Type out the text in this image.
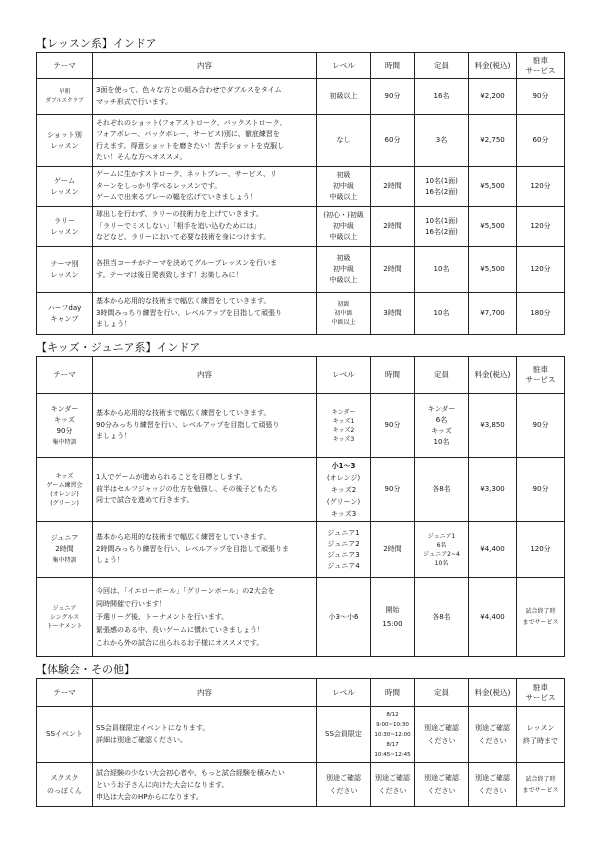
【レッスン系】インドア
テーマ	内容	レベル	時間	定員	料金(税込)	駐車
サービス

早朝
ダブルスクラブ	3面を使って、色々な方との組み合わせでダブルスをタイム
マッチ形式で行います。	初級以上	90分	16名	¥2,200	90分

ショット別
レッスン	それぞれのショット(フォアストローク、バックストローク、
フォアボレー、バックボレー、サービス)別に、徹底練習を
行えます。得意ショットを磨きたい！苦手ショットを克服し
たい！そんな方へオススメ。	なし	60分	3名	¥2,750	60分

ゲーム
レッスン	ゲームに生かすストローク、ネットプレー、サービス、リ
ターンをしっかり学べるレッスンです。
ゲームで出来るプレーの幅を広げていきましょう！	初級
初中級
中級以上	2時間	10名(1面)
16名(2面)	¥5,500	120分

ラリー
レッスン	球出しを行わず、ラリーの技術力を上げていきます。
「ラリーでミスしない」「相手を追い込むためには」
などなど、ラリーにおいて必要な技術を身につけます。	(初心・)初級
初中級
中級以上	2時間	10名(1面)
16名(2面)	¥5,500	120分

テーマ別
レッスン	各担当コーチがテーマを決めてグループレッスンを行いま
す。テーマは後日発表致します！お楽しみに！	初級
初中級
中級以上	2時間	10名	¥5,500	120分

ハーフday
キャンプ	基本から応用的な技術まで幅広く練習をしていきます。
3時間みっちり練習を行い、レベルアップを目指して頑張り
ましょう！	初級
初中級
中級以上	3時間	10名	¥7,700	180分
【キッズ・ジュニア系】インドア
テーマ	内容	レベル	時間	定員	料金(税込)	駐車
サービス

キンダー
キッズ
90分
集中特訓	基本から応用的な技術まで幅広く練習をしていきます。
90分みっちり練習を行い、レベルアップを目指して頑張り
ましょう！	キンダー
キッズ1
キッズ2
キッズ3	90分	キンダー
6名
キッズ
10名	¥3,850	90分

キッズ
ゲーム練習会
(オレンジ)
(グリーン)	1人でゲームが進められることを目標とします。
前半はセルフジャッジの仕方を勉強し、その後子どもたち
同士で試合を進めて行きます。	小1〜3
(オレンジ)
キッズ2
(グリーン)
キッズ3	90分	各8名	¥3,300	90分

ジュニア
2時間
集中特訓	基本から応用的な技術まで幅広く練習をしていきます。
2時間みっちり練習を行い、レベルアップを目指して頑張りま
しょう！	ジュニア1
ジュニア2
ジュニア3
ジュニア4	2時間	ジュニア1
6名
ジュニア2~4
10名	¥4,400	120分

ジュニア
シングルス
トーナメント	今回は、「イエローボール」「グリーンボール」の2大会を
同時開催で行います！
予選リーグ後、トーナメントを行います。
緊張感のある中、長いゲームに慣れていきましょう！
これから外の試合に出られるお子様にオススメです。	小3〜小6	開始
15:00	各8名	¥4,400	試合終了時
までサービス
【体験会・その他】
テーマ	内容	レベル	時間	定員	料金(税込)	駐車
サービス

SSイベント	SS会員様限定イベントになります。
詳細は別途ご確認ください。	SS会員限定	8/12
9:00~10:30
10:30~12:00
8/17
10:45~12:45	別途ご確認
ください	別途ご確認
ください	レッスン
終了時まで

スクスク
のっぽくん	試合経験の少ない大会初心者や、もっと試合経験を積みたい
というお子さんに向けた大会になります。
申込は大会のHPからになります。	別途ご確認
ください	別途ご確認
ください	別途ご確認
ください	別途ご確認
ください	試合終了時
までサービス
